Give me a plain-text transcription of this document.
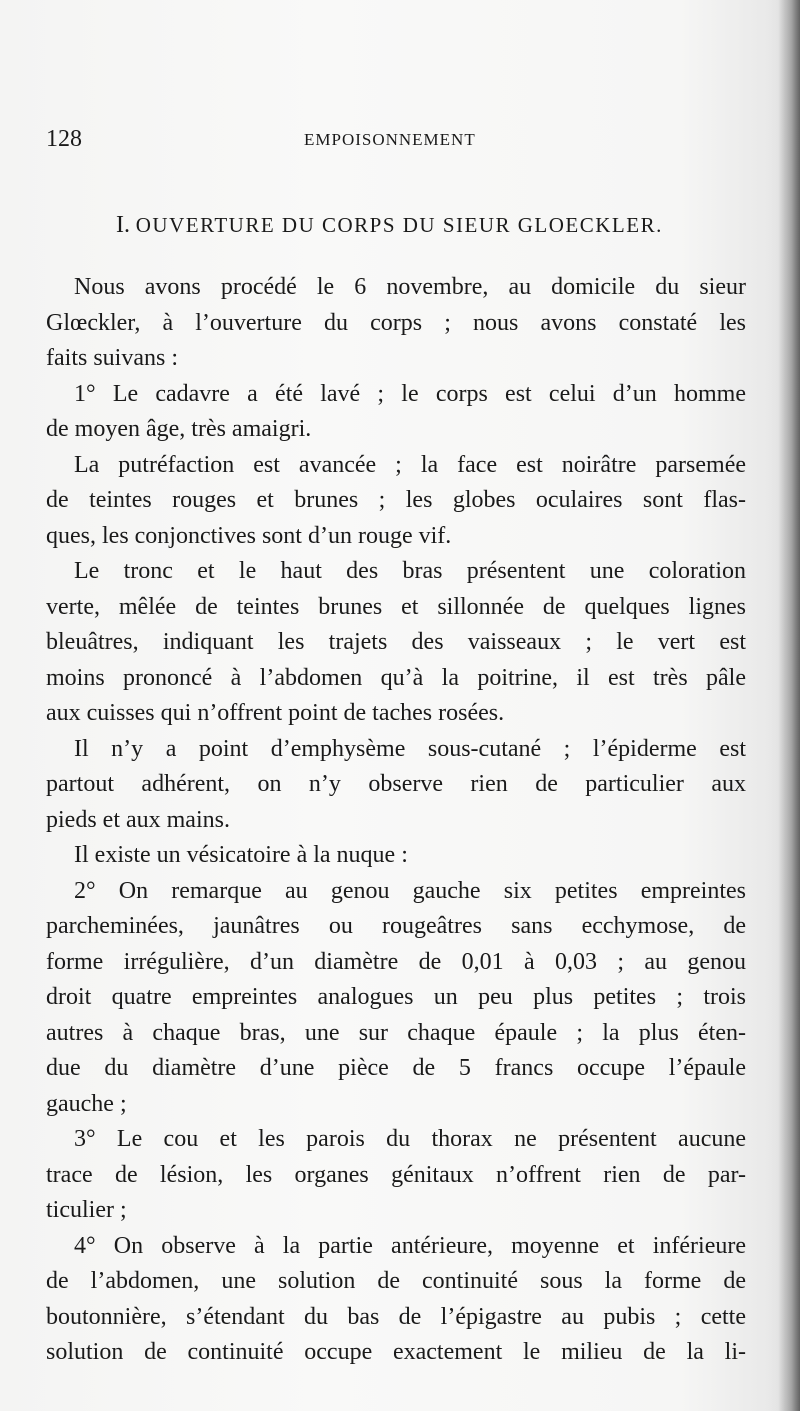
128	EMPOISONNEMENT
I. OUVERTURE DU CORPS DU SIEUR GLOECKLER.
Nous avons procédé le 6 novembre, au domicile du sieur
Glœckler, à l’ouverture du corps ; nous avons constaté les
faits suivans :
1° Le cadavre a été lavé ; le corps est celui d’un homme
de moyen âge, très amaigri.
La putréfaction est avancée ; la face est noirâtre parsemée
de teintes rouges et brunes ; les globes oculaires sont flas-
ques, les conjonctives sont d’un rouge vif.
Le tronc et le haut des bras présentent une coloration
verte, mêlée de teintes brunes et sillonnée de quelques lignes
bleuâtres, indiquant les trajets des vaisseaux ; le vert est
moins prononcé à l’abdomen qu’à la poitrine, il est très pâle
aux cuisses qui n’offrent point de taches rosées.
Il n’y a point d’emphysème sous-cutané ; l’épiderme est
partout adhérent, on n’y observe rien de particulier aux
pieds et aux mains.
Il existe un vésicatoire à la nuque :
2° On remarque au genou gauche six petites empreintes
parcheminées, jaunâtres ou rougeâtres sans ecchymose, de
forme irrégulière, d’un diamètre de 0,01 à 0,03 ; au genou
droit quatre empreintes analogues un peu plus petites ; trois
autres à chaque bras, une sur chaque épaule ; la plus éten-
due du diamètre d’une pièce de 5 francs occupe l’épaule
gauche ;
3° Le cou et les parois du thorax ne présentent aucune
trace de lésion, les organes génitaux n’offrent rien de par-
ticulier ;
4° On observe à la partie antérieure, moyenne et inférieure
de l’abdomen, une solution de continuité sous la forme de
boutonnière, s’étendant du bas de l’épigastre au pubis ; cette
solution de continuité occupe exactement le milieu de la li-
